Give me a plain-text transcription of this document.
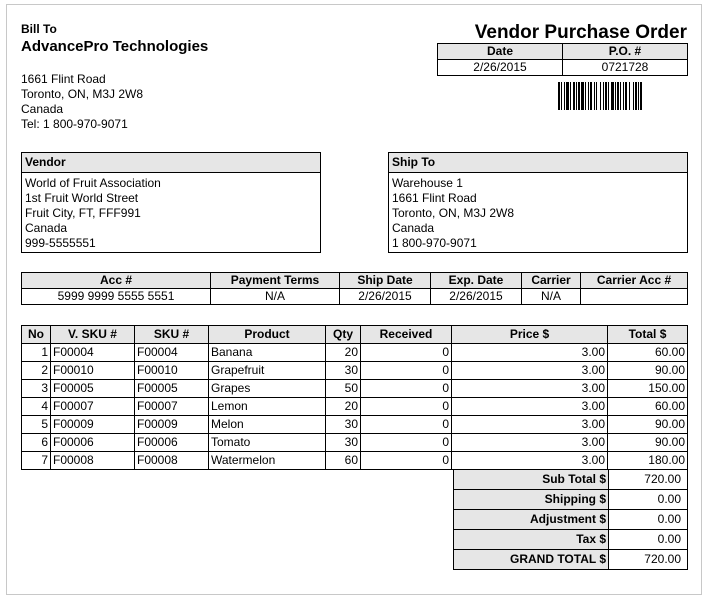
Bill To
AdvancePro Technologies
1661 Flint Road
Toronto, ON, M3J 2W8
Canada
Tel: 1 800-970-9071
Vendor Purchase Order
Date	P.O. #
2/26/2015	0721728
Vendor
World of Fruit Association
1st Fruit World Street
Fruit City, FT, FFF991
Canada
999-5555551
Ship To
Warehouse 1
1661 Flint Road
Toronto, ON, M3J 2W8
Canada
1 800-970-9071
Acc #	Payment Terms	Ship Date	Exp. Date	Carrier	Carrier Acc #
5999 9999 5555 5551	N/A	2/26/2015	2/26/2015	N/A	
No	V. SKU #	SKU #	Product	Qty	Received	Price $	Total $
1	F00004	F00004	Banana	20	0	3.00	60.00
2	F00010	F00010	Grapefruit	30	0	3.00	90.00
3	F00005	F00005	Grapes	50	0	3.00	150.00
4	F00007	F00007	Lemon	20	0	3.00	60.00
5	F00009	F00009	Melon	30	0	3.00	90.00
6	F00006	F00006	Tomato	30	0	3.00	90.00
7	F00008	F00008	Watermelon	60	0	3.00	180.00
Sub Total $	720.00
Shipping $	0.00
Adjustment $	0.00
Tax $	0.00
GRAND TOTAL $	720.00
